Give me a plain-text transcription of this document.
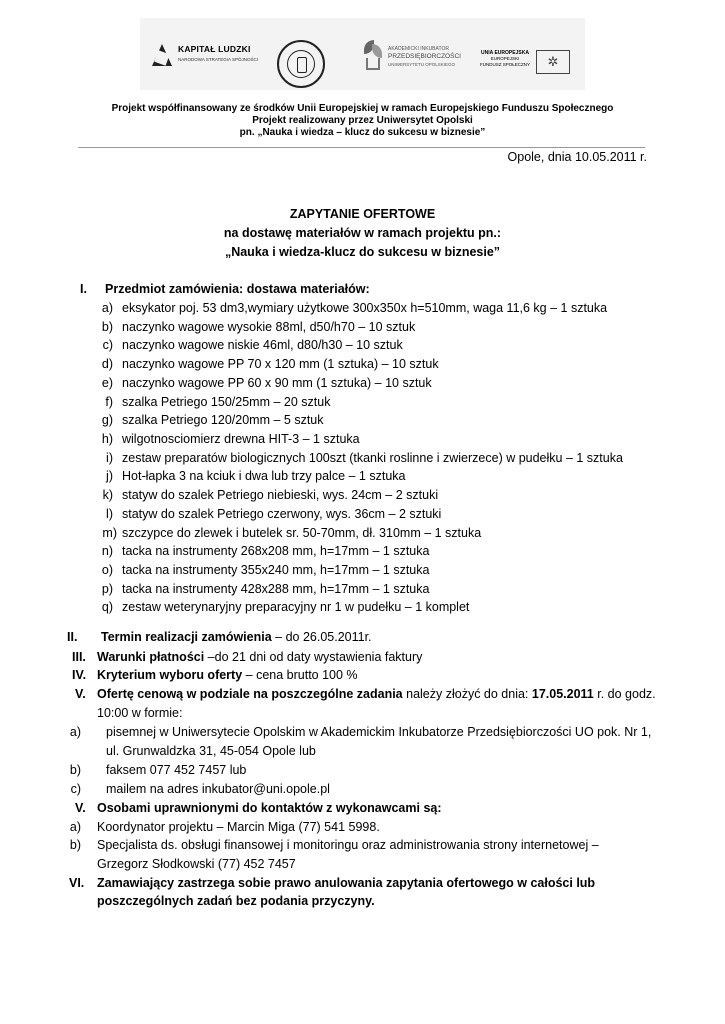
KAPITAŁ LUDZKI
NARODOWA STRATEGIA SPÓJNOŚCI
AKADEMICKI INKUBATOR
PRZEDSIĘBIORCZOŚCI
UNIWERSYTETU OPOLSKIEGO
UNIA EUROPEJSKA
EUROPEJSKI
FUNDUSZ SPOŁECZNY	✲
Projekt współfinansowany ze środków Unii Europejskiej w ramach Europejskiego Funduszu Społecznego
Projekt realizowany przez Uniwersytet Opolski
pn. „Nauka i wiedza – klucz do sukcesu w biznesie”
Opole, dnia 10.05.2011 r.
ZAPYTANIE OFERTOWE
na dostawę materiałów w ramach projektu pn.:
„Nauka i wiedza-klucz do sukcesu w biznesie”
I. Przedmiot zamówienia: dostawa materiałów:
a) eksykator poj. 53 dm3,wymiary użytkowe 300x350x h=510mm, waga 11,6 kg – 1 sztuka
b) naczynko wagowe wysokie 88ml, d50/h70 – 10 sztuk
c) naczynko wagowe niskie 46ml, d80/h30 – 10 sztuk
d) naczynko wagowe PP 70 x 120 mm (1 sztuka) – 10 sztuk
e) naczynko wagowe PP 60 x 90 mm (1 sztuka) – 10 sztuk
f) szalka Petriego 150/25mm – 20 sztuk
g) szalka Petriego 120/20mm – 5 sztuk
h) wilgotnosciomierz drewna HIT-3 – 1 sztuka
i) zestaw preparatów biologicznych 100szt (tkanki roslinne i zwierzece) w pudełku – 1 sztuka
j) Hot-łapka 3 na kciuk i dwa lub trzy palce – 1 sztuka
k) statyw do szalek Petriego niebieski, wys. 24cm – 2 sztuki
l) statyw do szalek Petriego czerwony, wys. 36cm – 2 sztuki
m) szczypce do zlewek i butelek sr. 50-70mm, dł. 310mm – 1 sztuka
n) tacka na instrumenty 268x208 mm, h=17mm – 1 sztuka
o) tacka na instrumenty 355x240 mm, h=17mm – 1 sztuka
p) tacka na instrumenty 428x288 mm, h=17mm – 1 sztuka
q) zestaw weterynaryjny preparacyjny nr 1 w pudełku – 1 komplet
II. Termin realizacji zamówienia – do 26.05.2011r.
III. Warunki płatności –do 21 dni od daty wystawienia faktury
IV. Kryterium wyboru oferty – cena brutto 100 %
V. Ofertę cenową w podziale na poszczególne zadania należy złożyć do dnia: 17.05.2011 r. do godz.
10:00 w formie:
a) pisemnej w Uniwersytecie Opolskim w Akademickim Inkubatorze Przedsiębiorczości UO pok. Nr 1,
ul. Grunwaldzka 31, 45-054 Opole lub
b) faksem 077 452 7457 lub
c) mailem na adres inkubator@uni.opole.pl
V. Osobami uprawnionymi do kontaktów z wykonawcami są:
a) Koordynator projektu – Marcin Miga (77) 541 5998.
b) Specjalista ds. obsługi finansowej i monitoringu oraz administrowania strony internetowej –
Grzegorz Słodkowski (77) 452 7457
VI. Zamawiający zastrzega sobie prawo anulowania zapytania ofertowego w całości lub
poszczególnych zadań bez podania przyczyny.
